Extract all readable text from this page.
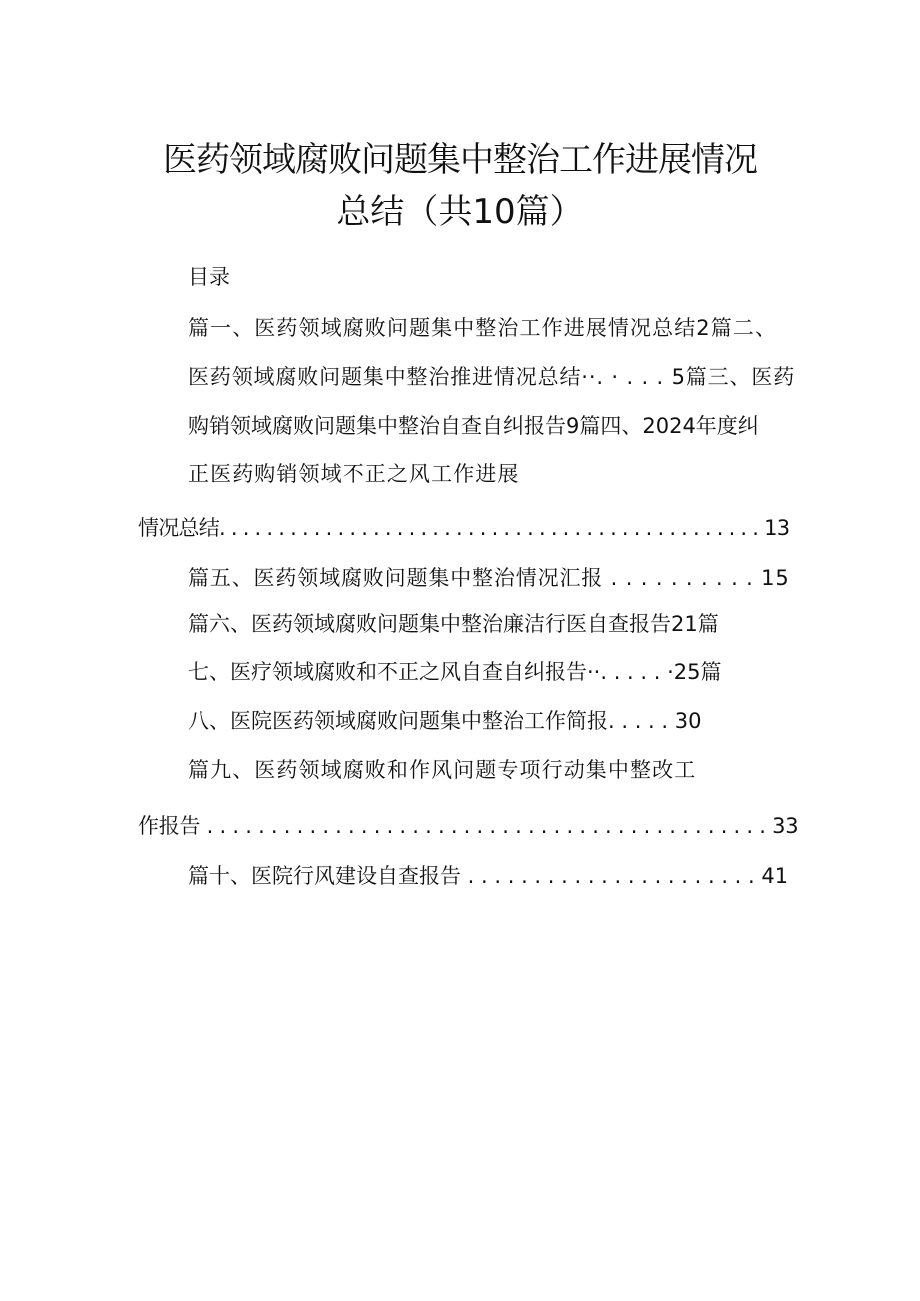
医药领域腐败问题集中整治工作进展情况
总结（共10篇）

目录

篇一、医药领域腐败问题集中整治工作进展情况总结2篇二、

医药领域腐败问题集中整治推进情况总结··. · . . . 5篇三、医药

购销领域腐败问题集中整治自查自纠报告9篇四、2024年度纠

正医药购销领域不正之风工作进展

情况总结. . . . . . . . . . . . . . . . . . . . . . . . . . . . . . . . . . . . . . . . . . . . . . 13

篇五、医药领域腐败问题集中整治情况汇报 . . . . . . . . . . 15

篇六、医药领域腐败问题集中整治廉洁行医自查报告21篇

七、医疗领域腐败和不正之风自查自纠报告··. . . . . ·25篇

八、医院医药领域腐败问题集中整治工作简报. . . . . 30

篇九、医药领域腐败和作风问题专项行动集中整改工

作报告 . . . . . . . . . . . . . . . . . . . . . . . . . . . . . . . . . . . . . . . . . . . . 33

篇十、医院行风建设自查报告 . . . . . . . . . . . . . . . . . . . . . . 41
